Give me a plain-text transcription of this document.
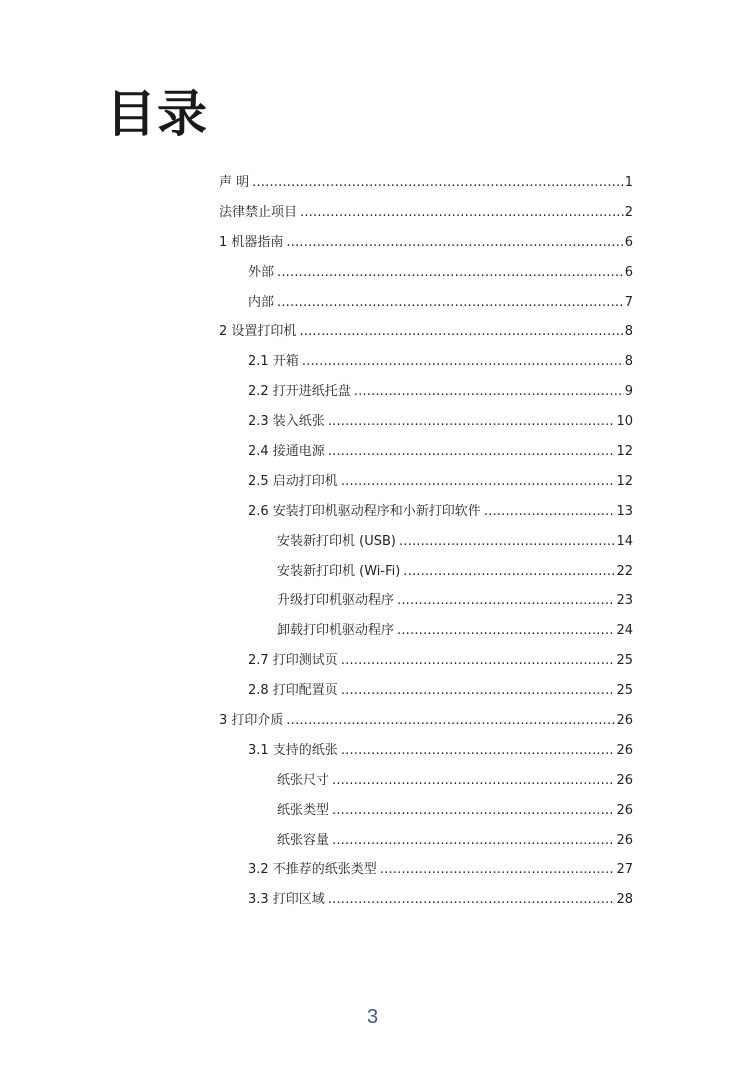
目录
声 明 .....	1
法律禁止项目 .....	2
1 机器指南 .....	6
外部 .....	6
内部 .....	7
2 设置打印机 .....	8
2.1 开箱 .....	8
2.2 打开进纸托盘 .....	9
2.3 装入纸张 .....	10
2.4 接通电源 .....	12
2.5 启动打印机 .....	12
2.6 安装打印机驱动程序和小新打印软件 .....	13
安装新打印机 (USB) .....	14
安装新打印机 (Wi-Fi) .....	22
升级打印机驱动程序 .....	23
卸载打印机驱动程序 .....	24
2.7 打印测试页 .....	25
2.8 打印配置页 .....	25
3 打印介质 .....	26
3.1 支持的纸张 .....	26
纸张尺寸 .....	26
纸张类型 .....	26
纸张容量 .....	26
3.2 不推荐的纸张类型 .....	27
3.3 打印区域 .....	28
3
